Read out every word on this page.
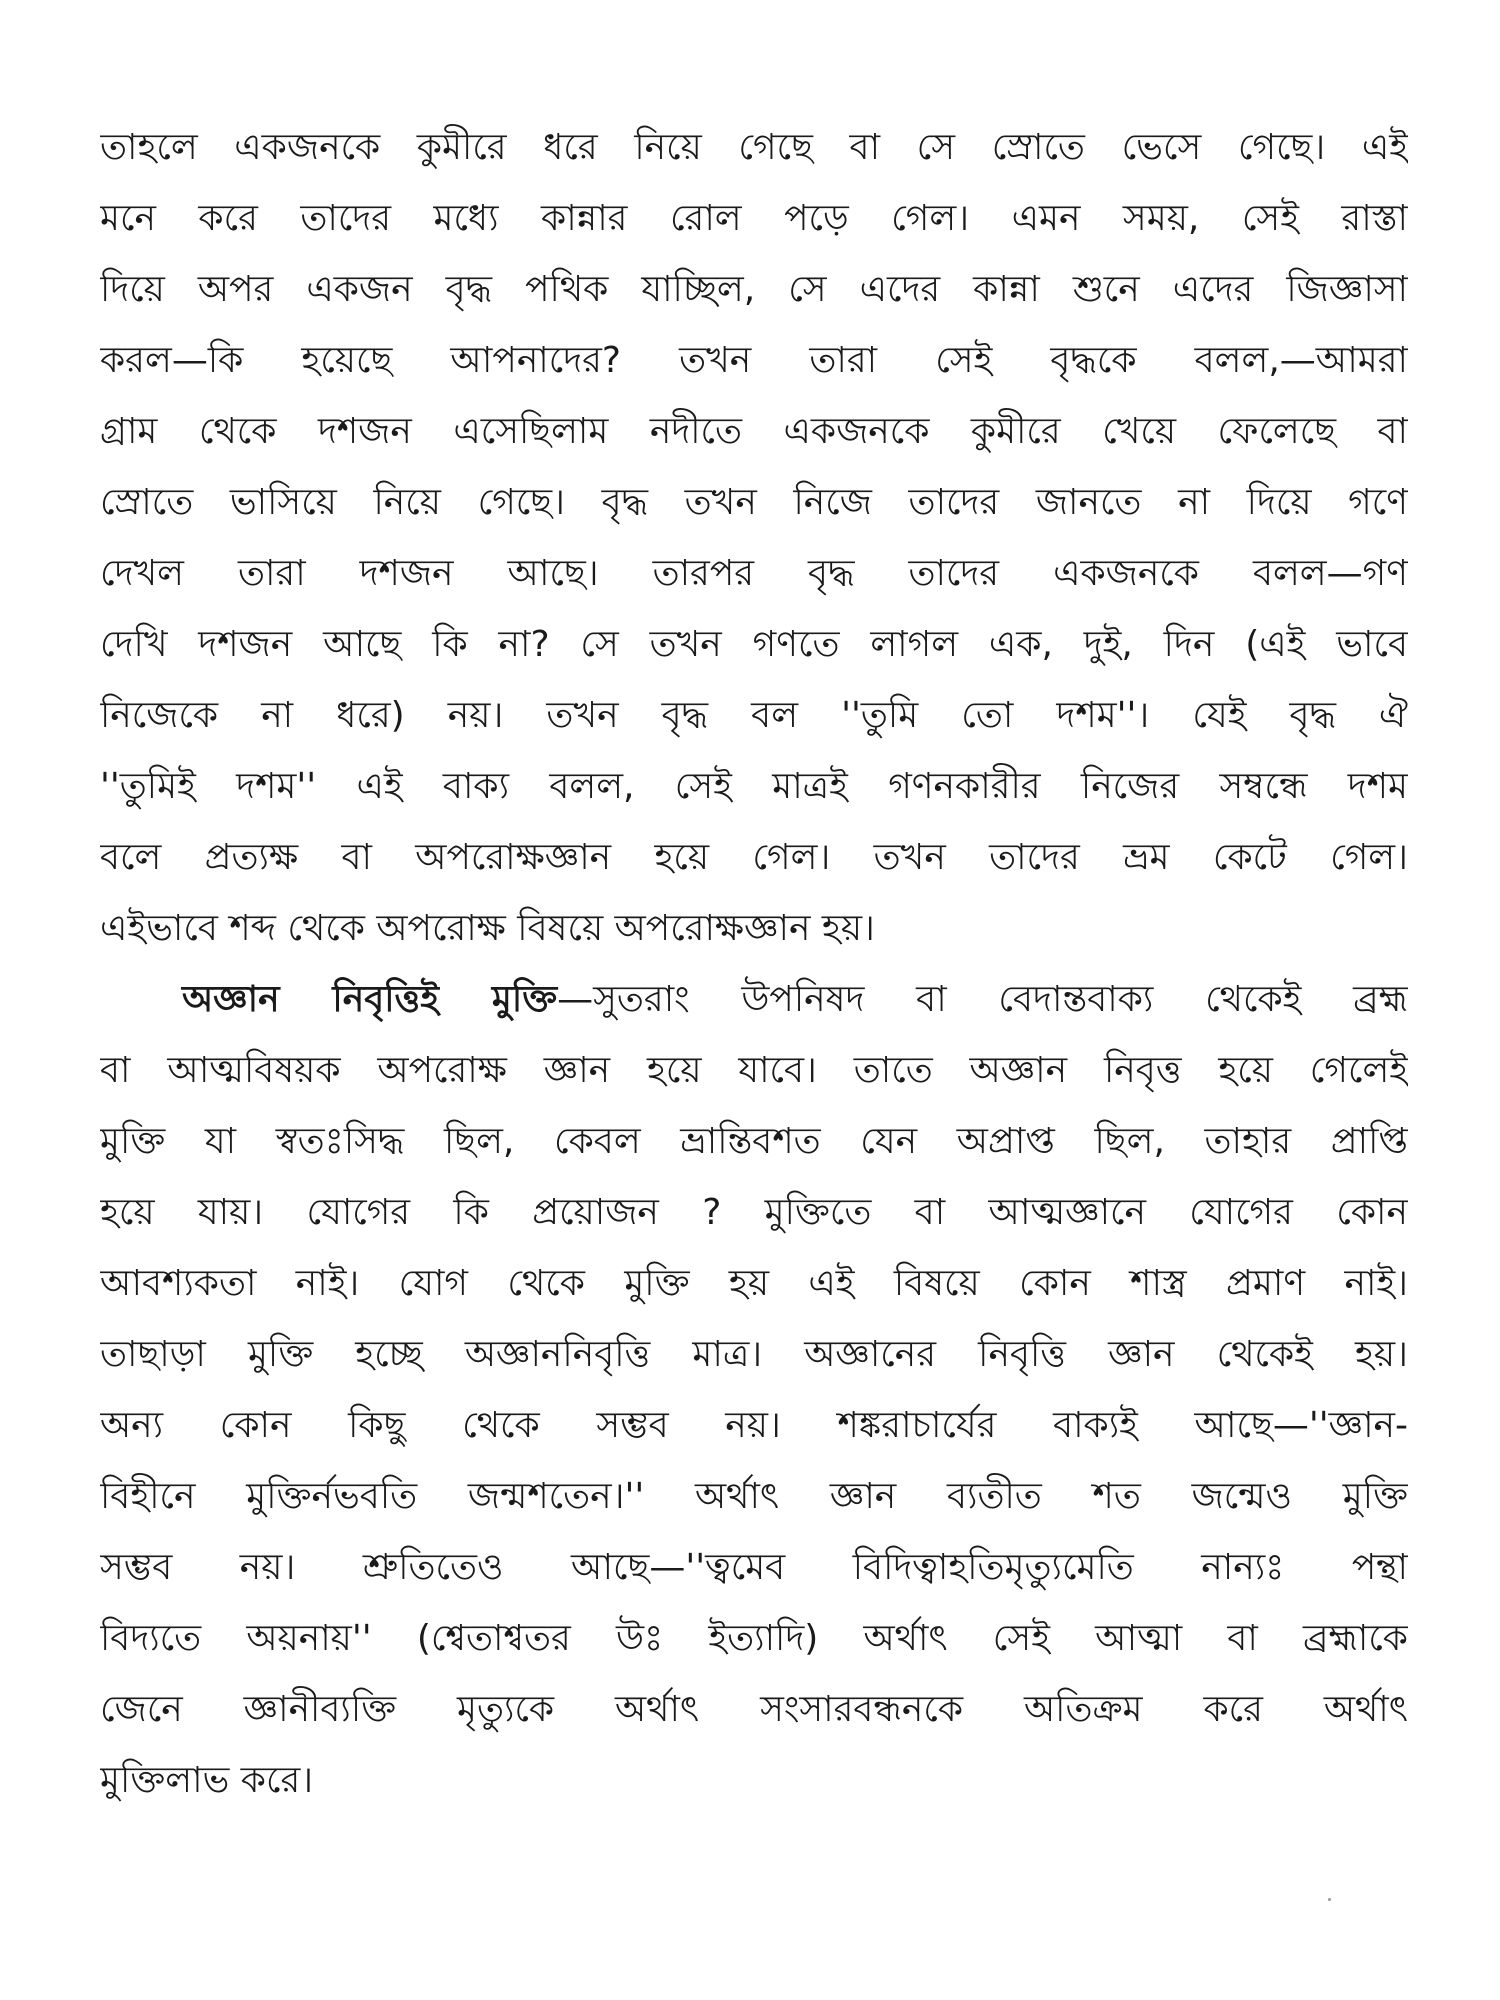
তাহলে একজনকে কুমীরে ধরে নিয়ে গেছে বা সে স্রোতে ভেসে গেছে। এই
মনে করে তাদের মধ্যে কান্নার রোল পড়ে গেল। এমন সময়, সেই রাস্তা
দিয়ে অপর একজন বৃদ্ধ পথিক যাচ্ছিল, সে এদের কান্না শুনে এদের জিজ্ঞাসা
করল—কি হয়েছে আপনাদের? তখন তারা সেই বৃদ্ধকে বলল,—আমরা
গ্রাম থেকে দশজন এসেছিলাম নদীতে একজনকে কুমীরে খেয়ে ফেলেছে বা
স্রোতে ভাসিয়ে নিয়ে গেছে। বৃদ্ধ তখন নিজে তাদের জানতে না দিয়ে গণে
দেখল তারা দশজন আছে। তারপর বৃদ্ধ তাদের একজনকে বলল—গণ
দেখি দশজন আছে কি না? সে তখন গণতে লাগল এক, দুই, দিন (এই ভাবে
নিজেকে না ধরে) নয়। তখন বৃদ্ধ বল ''তুমি তো দশম''। যেই বৃদ্ধ ঐ
''তুমিই দশম'' এই বাক্য বলল, সেই মাত্রই গণনকারীর নিজের সম্বন্ধে দশম
বলে প্রত্যক্ষ বা অপরোক্ষজ্ঞান হয়ে গেল। তখন তাদের ভ্রম কেটে গেল।
এইভাবে শব্দ থেকে অপরোক্ষ বিষয়ে অপরোক্ষজ্ঞান হয়।
অজ্ঞান নিবৃত্তিই মুক্তি—সুতরাং উপনিষদ বা বেদান্তবাক্য থেকেই ব্রহ্ম
বা আত্মবিষয়ক অপরোক্ষ জ্ঞান হয়ে যাবে। তাতে অজ্ঞান নিবৃত্ত হয়ে গেলেই
মুক্তি যা স্বতঃসিদ্ধ ছিল, কেবল ভ্রান্তিবশত যেন অপ্রাপ্ত ছিল, তাহার প্রাপ্তি
হয়ে যায়। যোগের কি প্রয়োজন ? মুক্তিতে বা আত্মজ্ঞানে যোগের কোন
আবশ্যকতা নাই। যোগ থেকে মুক্তি হয় এই বিষয়ে কোন শাস্ত্র প্রমাণ নাই।
তাছাড়া মুক্তি হচ্ছে অজ্ঞাননিবৃত্তি মাত্র। অজ্ঞানের নিবৃত্তি জ্ঞান থেকেই হয়।
অন্য কোন কিছু থেকে সম্ভব নয়। শঙ্করাচার্যের বাক্যই আছে—''জ্ঞান-
বিহীনে মুক্তির্নভবতি জন্মশতেন।'' অর্থাৎ জ্ঞান ব্যতীত শত জন্মেও মুক্তি
সম্ভব নয়। শ্রুতিতেও আছে—''ত্বমেব বিদিত্বাহতিমৃত্যুমেতি নান্যঃ পন্থা
বিদ্যতে অয়নায়'' (শ্বেতাশ্বতর উঃ ইত্যাদি) অর্থাৎ সেই আত্মা বা ব্রহ্মাকে
জেনে জ্ঞানীব্যক্তি মৃত্যুকে অর্থাৎ সংসারবন্ধনকে অতিক্রম করে অর্থাৎ
মুক্তিলাভ করে।
